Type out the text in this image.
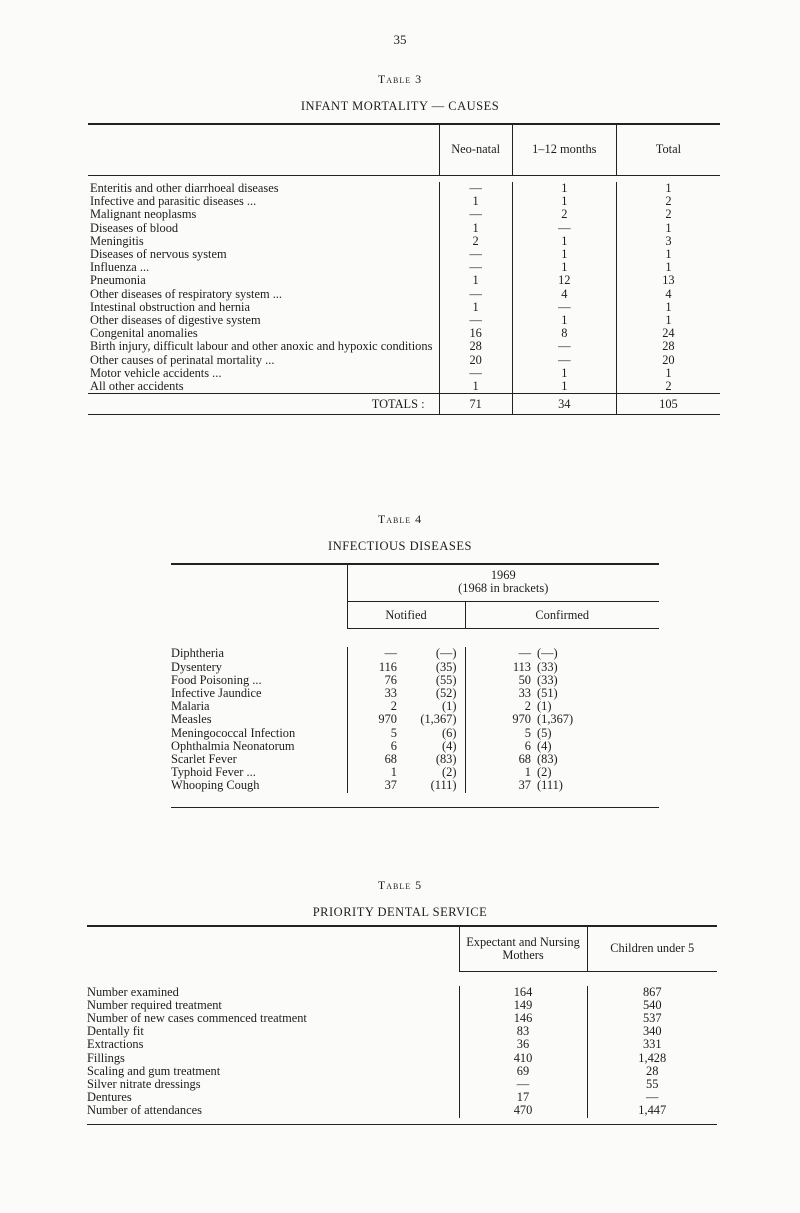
35
Table 3
INFANT MORTALITY — CAUSES
	Neo-natal	1–12 months	Total

Enteritis and other diarrhoeal diseases	—	1	1
Infective and parasitic diseases ...	1	1	2
Malignant neoplasms	—	2	2
Diseases of blood	1	—	1
Meningitis	2	1	3
Diseases of nervous system	—	1	1
Influenza ...	—	1	1
Pneumonia	1	12	13
Other diseases of respiratory system ...	—	4	4
Intestinal obstruction and hernia	1	—	1
Other diseases of digestive system	—	1	1
Congenital anomalies	16	8	24
Birth injury, difficult labour and other anoxic and hypoxic conditions	28	—	28
Other causes of perinatal mortality ...	20	—	20
Motor vehicle accidents ...	—	1	1
All other accidents	1	1	2
TOTALS :	71	34	105
Table 4
INFECTIOUS DISEASES
	1969			
	(1968 in brackets)			
	Notified		Confirmed	

Diphtheria	—	(—)	—	(—)
Dysentery	116	(35)	113	(33)
Food Poisoning ...	76	(55)	50	(33)
Infective Jaundice	33	(52)	33	(51)
Malaria	2	(1)	2	(1)
Measles	970	(1,367)	970	(1,367)
Meningococcal Infection	5	(6)	5	(5)
Ophthalmia Neonatorum	6	(4)	6	(4)
Scarlet Fever	68	(83)	68	(83)
Typhoid Fever ...	1	(2)	1	(2)
Whooping Cough	37	(111)	37	(111)

Table 5
PRIORITY DENTAL SERVICE
	Expectant and Nursing Mothers	Children under 5

Number examined	164	867
Number required treatment	149	540
Number of new cases commenced treatment	146	537
Dentally fit	83	340
Extractions	36	331
Fillings	410	1,428
Scaling and gum treatment	69	28
Silver nitrate dressings	—	55
Dentures	17	—
Number of attendances	470	1,447
